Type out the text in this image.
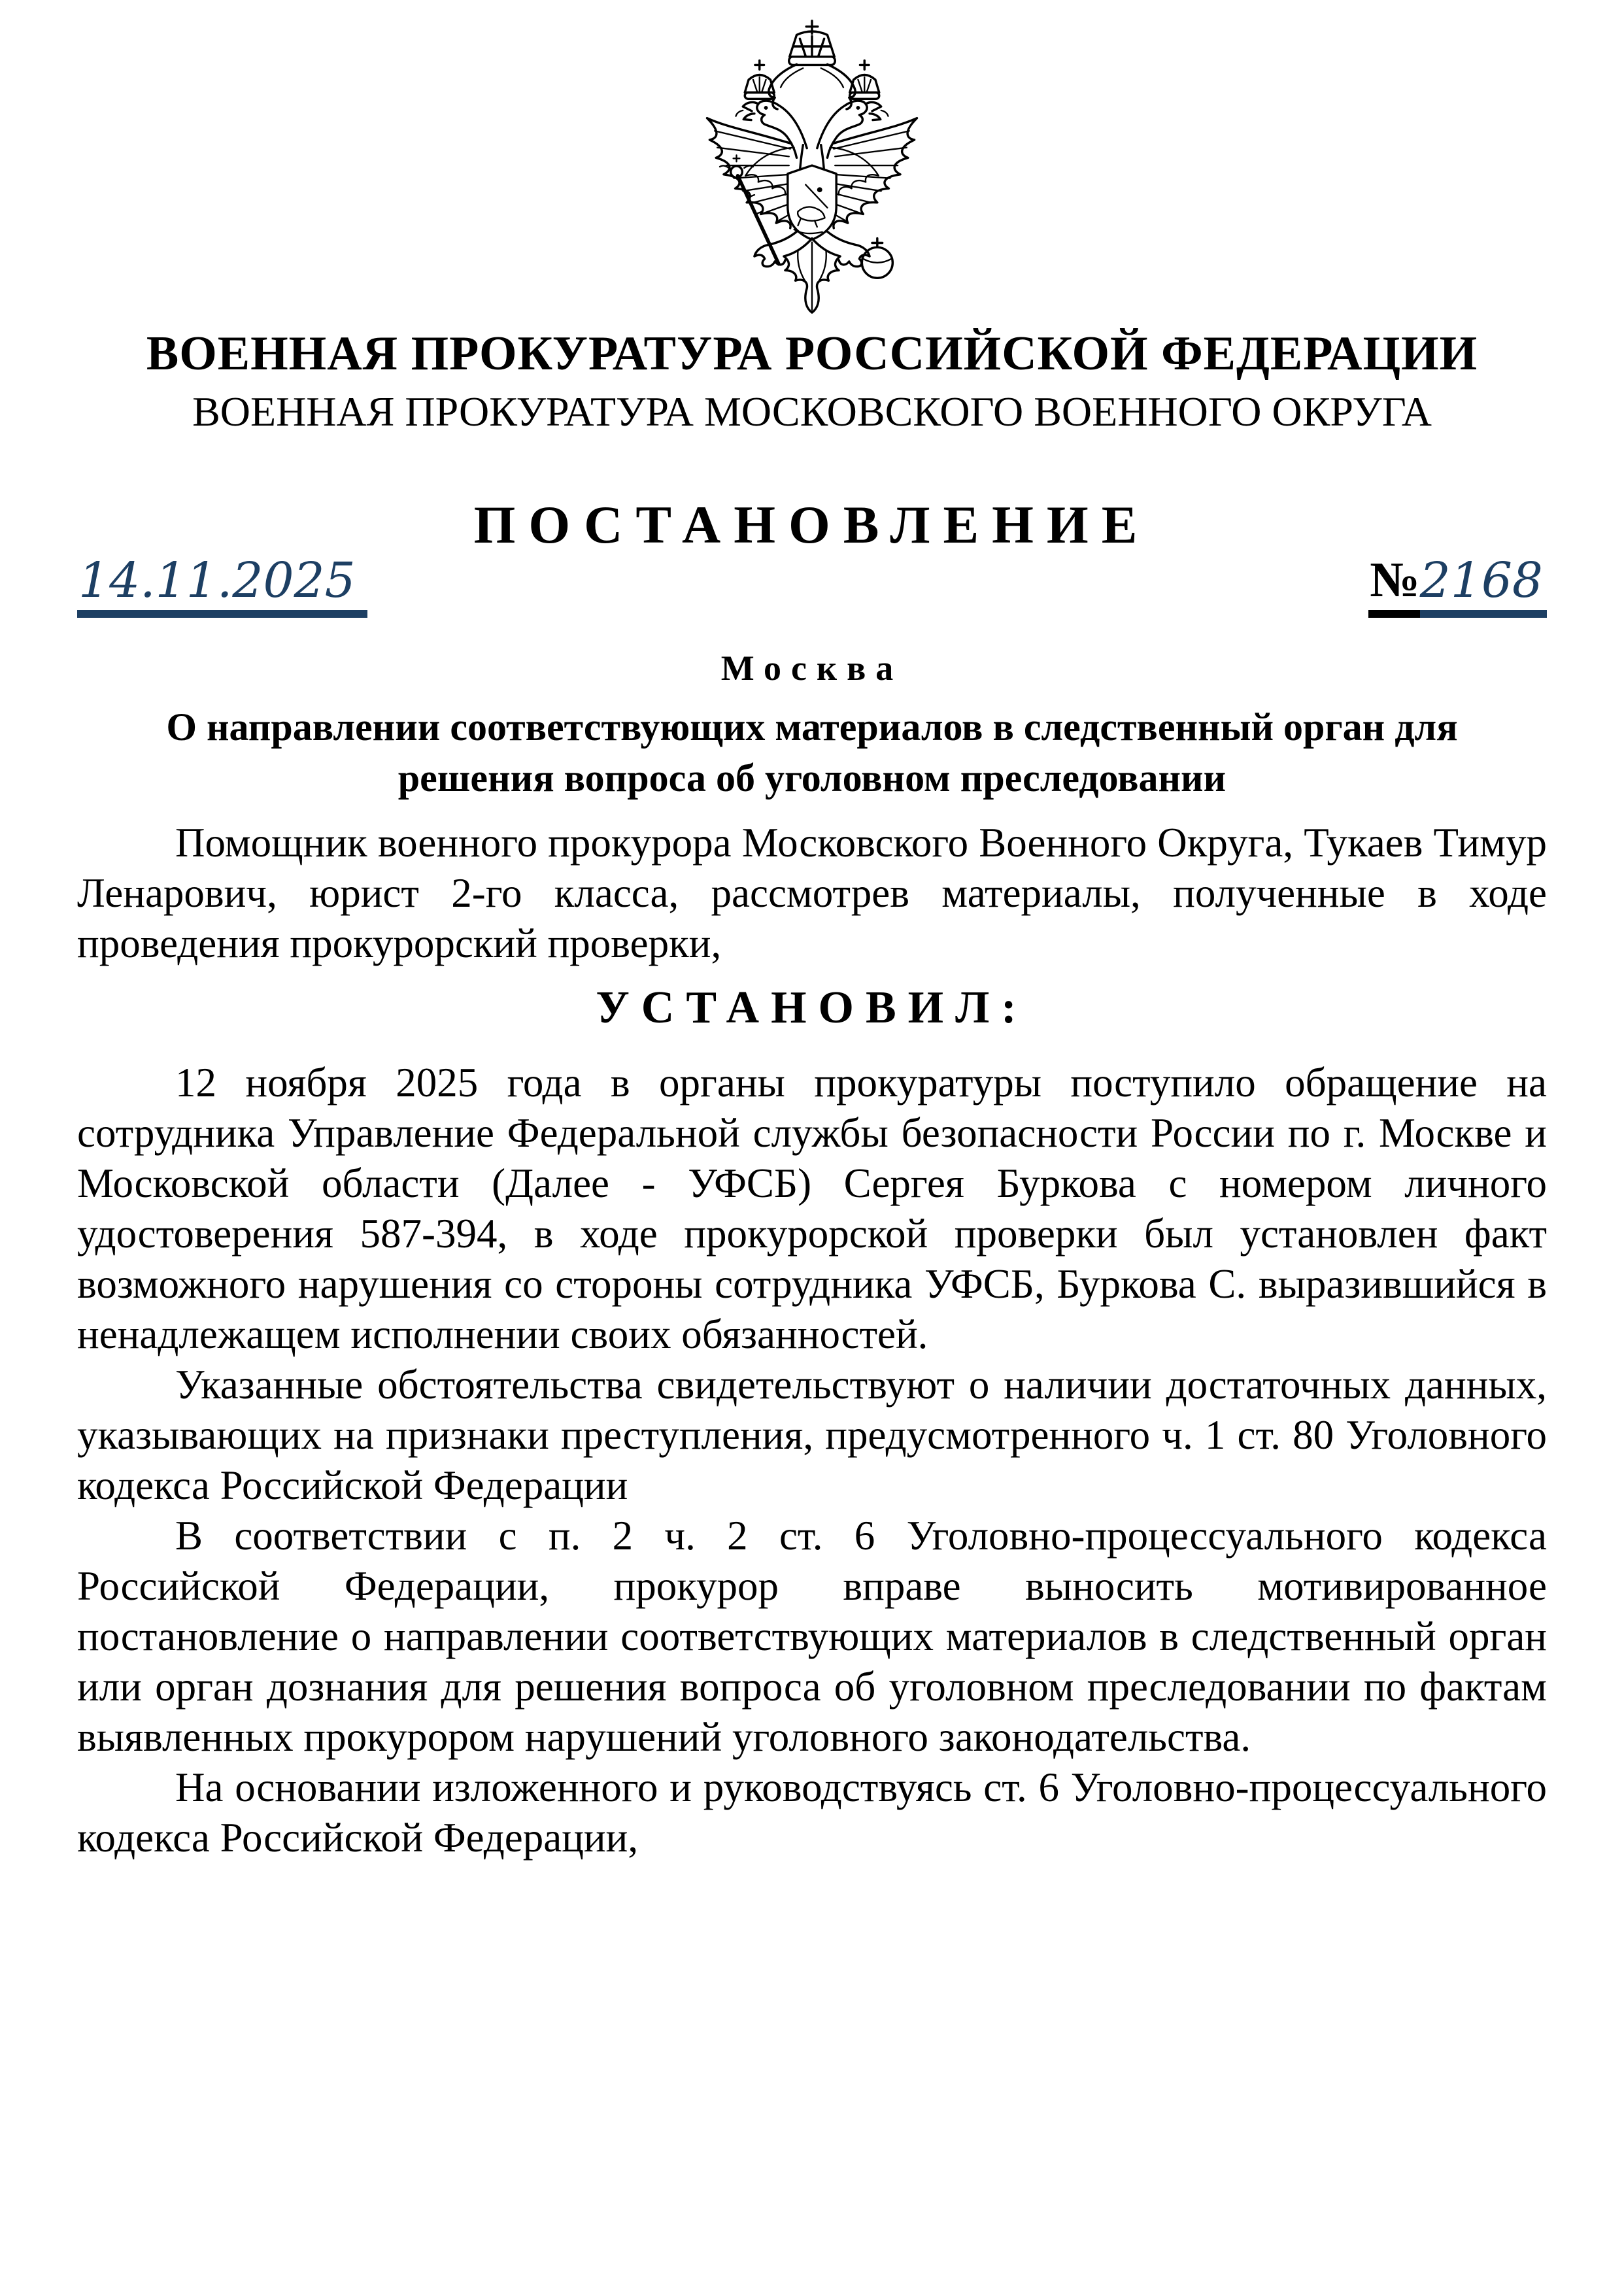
ВОЕННАЯ ПРОКУРАТУРА РОССИЙСКОЙ ФЕДЕРАЦИИ
ВОЕННАЯ ПРОКУРАТУРА МОСКОВСКОГО ВОЕННОГО ОКРУГА
ПОСТАНОВЛЕНИЕ
14.11.2025	№ 2168
Москва
О направлении соответствующих материалов в следственный орган для решения вопроса об уголовном преследовании

Помощник военного прокурора Московского Военного Округа, Тукаев Тимур Ленарович, юрист 2-го класса, рассмотрев материалы, полученные в ходе проведения прокурорский проверки,

УСТАНОВИЛ:

12 ноября 2025 года в органы прокуратуры поступило обращение на сотрудника Управление Федеральной службы безопасности России по г. Москве и Московской области (Далее - УФСБ) Сергея Буркова с номером личного удостоверения 587-394, в ходе прокурорской проверки был установлен факт возможного нарушения со стороны сотрудника УФСБ, Буркова С. выразившийся в ненадлежащем исполнении своих обязанностей.

Указанные обстоятельства свидетельствуют о наличии достаточных данных, указывающих на признаки преступления, предусмотренного ч. 1 ст. 80 Уголовного кодекса Российской Федерации

В соответствии с п. 2 ч. 2 ст. 6 Уголовно-процессуального кодекса Российской Федерации, прокурор вправе выносить мотивированное постановление о направлении соответствующих материалов в следственный орган или орган дознания для решения вопроса об уголовном преследовании по фактам выявленных прокурором нарушений уголовного законодательства.

На основании изложенного и руководствуясь ст. 6 Уголовно-процессуального кодекса Российской Федерации,
